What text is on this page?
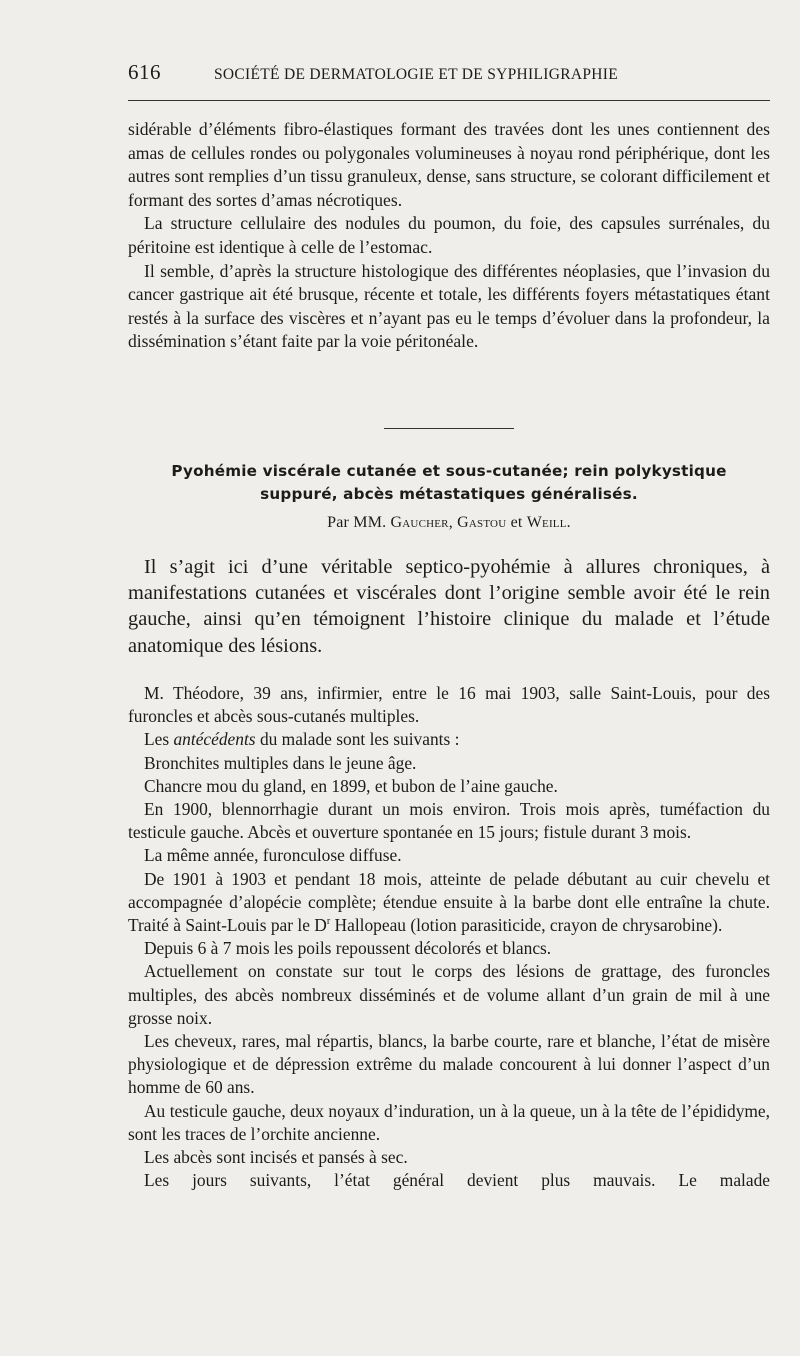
616	SOCIÉTÉ DE DERMATOLOGIE ET DE SYPHILIGRAPHIE

sidérable d’éléments fibro-élastiques formant des travées dont les unes contiennent des amas de cellules rondes ou polygonales volumineuses à noyau rond périphérique, dont les autres sont remplies d’un tissu granuleux, dense, sans structure, se colorant difficilement et formant des sortes d’amas nécrotiques.

La structure cellulaire des nodules du poumon, du foie, des capsules surrénales, du péritoine est identique à celle de l’estomac.

Il semble, d’après la structure histologique des différentes néoplasies, que l’invasion du cancer gastrique ait été brusque, récente et totale, les différents foyers métastatiques étant restés à la surface des viscères et n’ayant pas eu le temps d’évoluer dans la profondeur, la dissémination s’étant faite par la voie péritonéale.

Pyohémie viscérale cutanée et sous-cutanée; rein polykystique
suppuré, abcès métastatiques généralisés.
Par MM. Gaucher, Gastou et Weill.

Il s’agit ici d’une véritable septico-pyohémie à allures chroniques, à manifestations cutanées et viscérales dont l’origine semble avoir été le rein gauche, ainsi qu’en témoignent l’histoire clinique du malade et l’étude anatomique des lésions.

M. Théodore, 39 ans, infirmier, entre le 16 mai 1903, salle Saint-Louis, pour des furoncles et abcès sous-cutanés multiples.

Les antécédents du malade sont les suivants :

Bronchites multiples dans le jeune âge.

Chancre mou du gland, en 1899, et bubon de l’aine gauche.

En 1900, blennorrhagie durant un mois environ. Trois mois après, tuméfaction du testicule gauche. Abcès et ouverture spontanée en 15 jours; fistule durant 3 mois.

La même année, furonculose diffuse.

De 1901 à 1903 et pendant 18 mois, atteinte de pelade débutant au cuir chevelu et accompagnée d’alopécie complète; étendue ensuite à la barbe dont elle entraîne la chute. Traité à Saint-Louis par le $D^r$ Hallopeau (lotion parasiticide, crayon de chrysarobine).

Depuis 6 à 7 mois les poils repoussent décolorés et blancs.

Actuellement on constate sur tout le corps des lésions de grattage, des furoncles multiples, des abcès nombreux disséminés et de volume allant d’un grain de mil à une grosse noix.

Les cheveux, rares, mal répartis, blancs, la barbe courte, rare et blanche, l’état de misère physiologique et de dépression extrême du malade concourent à lui donner l’aspect d’un homme de 60 ans.

Au testicule gauche, deux noyaux d’induration, un à la queue, un à la tête de l’épididyme, sont les traces de l’orchite ancienne.

Les abcès sont incisés et pansés à sec.

Les jours suivants, l’état général devient plus mauvais. Le malade
